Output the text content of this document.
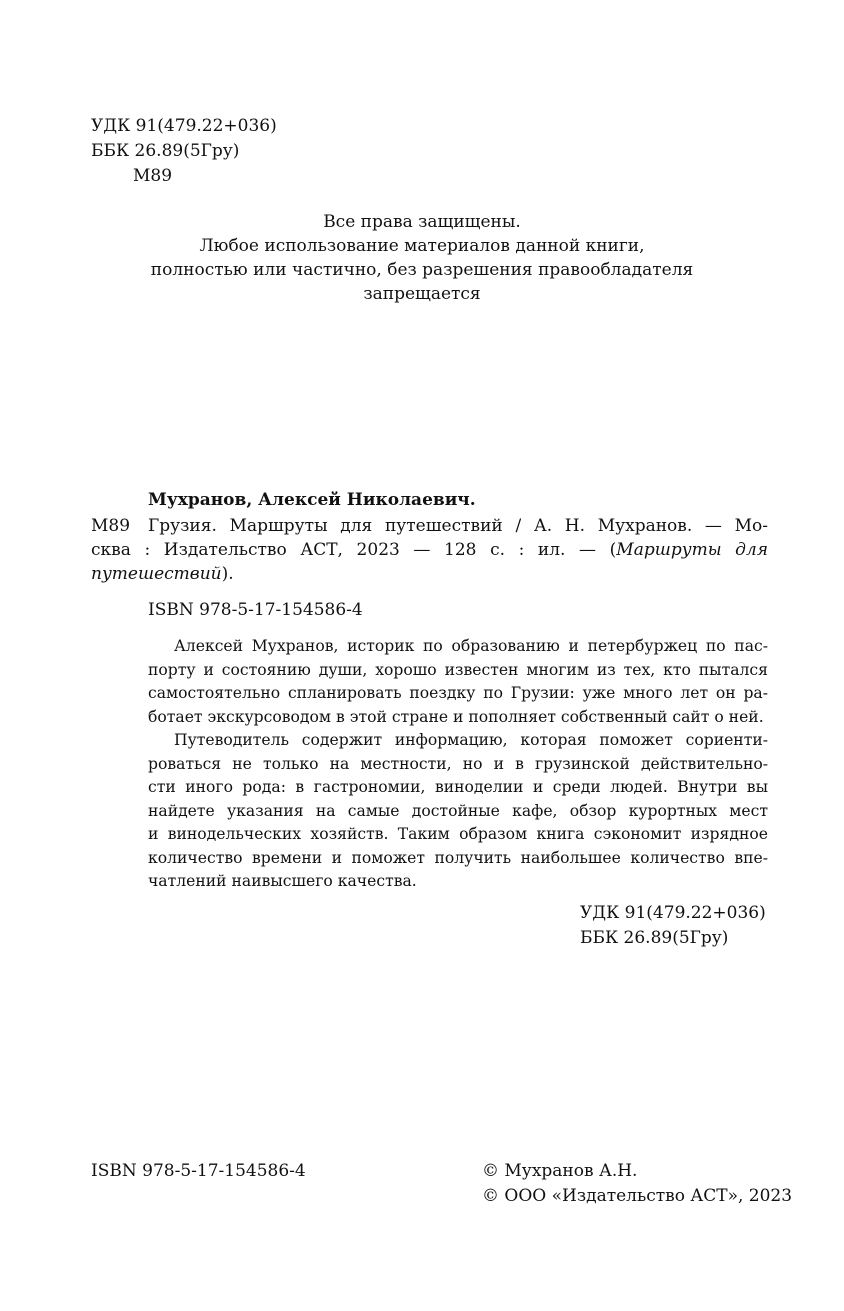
УДК 91(479.22+036)
ББК 26.89(5Гру)
М89
Все права защищены.
Любое использование материалов данной книги,
полностью или частично, без разрешения правообладателя
запрещается
Мухранов, Алексей Николаевич.
М89 Грузия. Маршруты для путешествий / А. Н. Мухранов. — Мо-
сква : Издательство АСТ, 2023 — 128 с. : ил. — (Маршруты для
путешествий).
ISBN 978-5-17-154586-4
Алексей Мухранов, историк по образованию и петербуржец по пас-
порту и состоянию души, хорошо известен многим из тех, кто пытался
самостоятельно спланировать поездку по Грузии: уже много лет он ра-
ботает экскурсоводом в этой стране и пополняет собственный сайт о ней.
Путеводитель содержит информацию, которая поможет сориенти-
роваться не только на местности, но и в грузинской действительно-
сти иного рода: в гастрономии, виноделии и среди людей. Внутри вы
найдете указания на самые достойные кафе, обзор курортных мест
и винодельческих хозяйств. Таким образом книга сэкономит изрядное
количество времени и поможет получить наибольшее количество впе-
чатлений наивысшего качества.
УДК 91(479.22+036)
ББК 26.89(5Гру)
ISBN 978-5-17-154586-4	© Мухранов А.Н.
© ООО «Издательство АСТ», 2023
